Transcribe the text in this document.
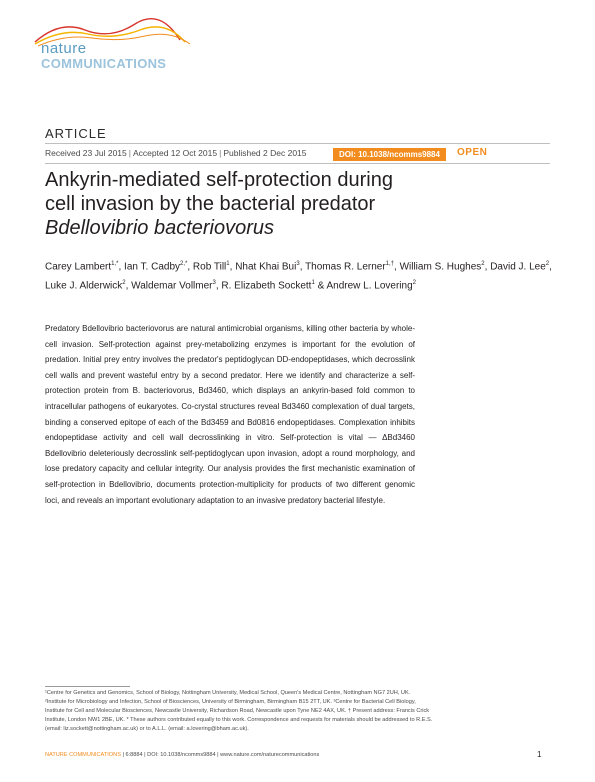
nature
COMMUNICATIONS
ARTICLE
Received 23 Jul 2015 | Accepted 12 Oct 2015 | Published 2 Dec 2015	DOI: 10.1038/ncomms9884	OPEN
Ankyrin-mediated self-protection during
cell invasion by the bacterial predator
Bdellovibrio bacteriovorus
Carey Lambert$^{1,*}$, Ian T. Cadby$^{2,*}$, Rob Till$^1$, Nhat Khai Bui$^3$, Thomas R. Lerner$^{1,\dagger}$, William S. Hughes$^2$, David J. Lee$^2$, Luke J. Alderwick$^2$, Waldemar Vollmer$^3$, R. Elizabeth Sockett$^1$ & Andrew L. Lovering$^2$

Predatory Bdellovibrio bacteriovorus are natural antimicrobial organisms, killing other bacteria by whole-cell invasion. Self-protection against prey-metabolizing enzymes is important for the evolution of predation. Initial prey entry involves the predator's peptidoglycan DD-endopeptidases, which decrosslink cell walls and prevent wasteful entry by a second predator. Here we identify and characterize a self-protection protein from B. bacteriovorus, Bd3460, which displays an ankyrin-based fold common to intracellular pathogens of eukaryotes. Co-crystal structures reveal Bd3460 complexation of dual targets, binding a conserved epitope of each of the Bd3459 and Bd0816 endopeptidases. Complexation inhibits endopeptidase activity and cell wall decrosslinking in vitro. Self-protection is vital — ΔBd3460 Bdellovibrio deleteriously decrosslink self-peptidoglycan upon invasion, adopt a round morphology, and lose predatory capacity and cellular integrity. Our analysis provides the first mechanistic examination of self-protection in Bdellovibrio, documents protection-multiplicity for products of two different genomic loci, and reveals an important evolutionary adaptation to an invasive predatory bacterial lifestyle.

¹Centre for Genetics and Genomics, School of Biology, Nottingham University, Medical School, Queen's Medical Centre, Nottingham NG7 2UH, UK.
²Institute for Microbiology and Infection, School of Biosciences, University of Birmingham, Birmingham B15 2TT, UK. ³Centre for Bacterial Cell Biology,
Institute for Cell and Molecular Biosciences, Newcastle University, Richardson Road, Newcastle upon Tyne NE2 4AX, UK. † Present address: Francis Crick
Institute, London NW1 2BE, UK. * These authors contributed equally to this work. Correspondence and requests for materials should be addressed to R.E.S.
(email: liz.sockett@nottingham.ac.uk) or to A.L.L. (email: a.lovering@bham.ac.uk).
NATURE COMMUNICATIONS | 6:8884 | DOI: 10.1038/ncomms9884 | www.nature.com/naturecommunications	1
